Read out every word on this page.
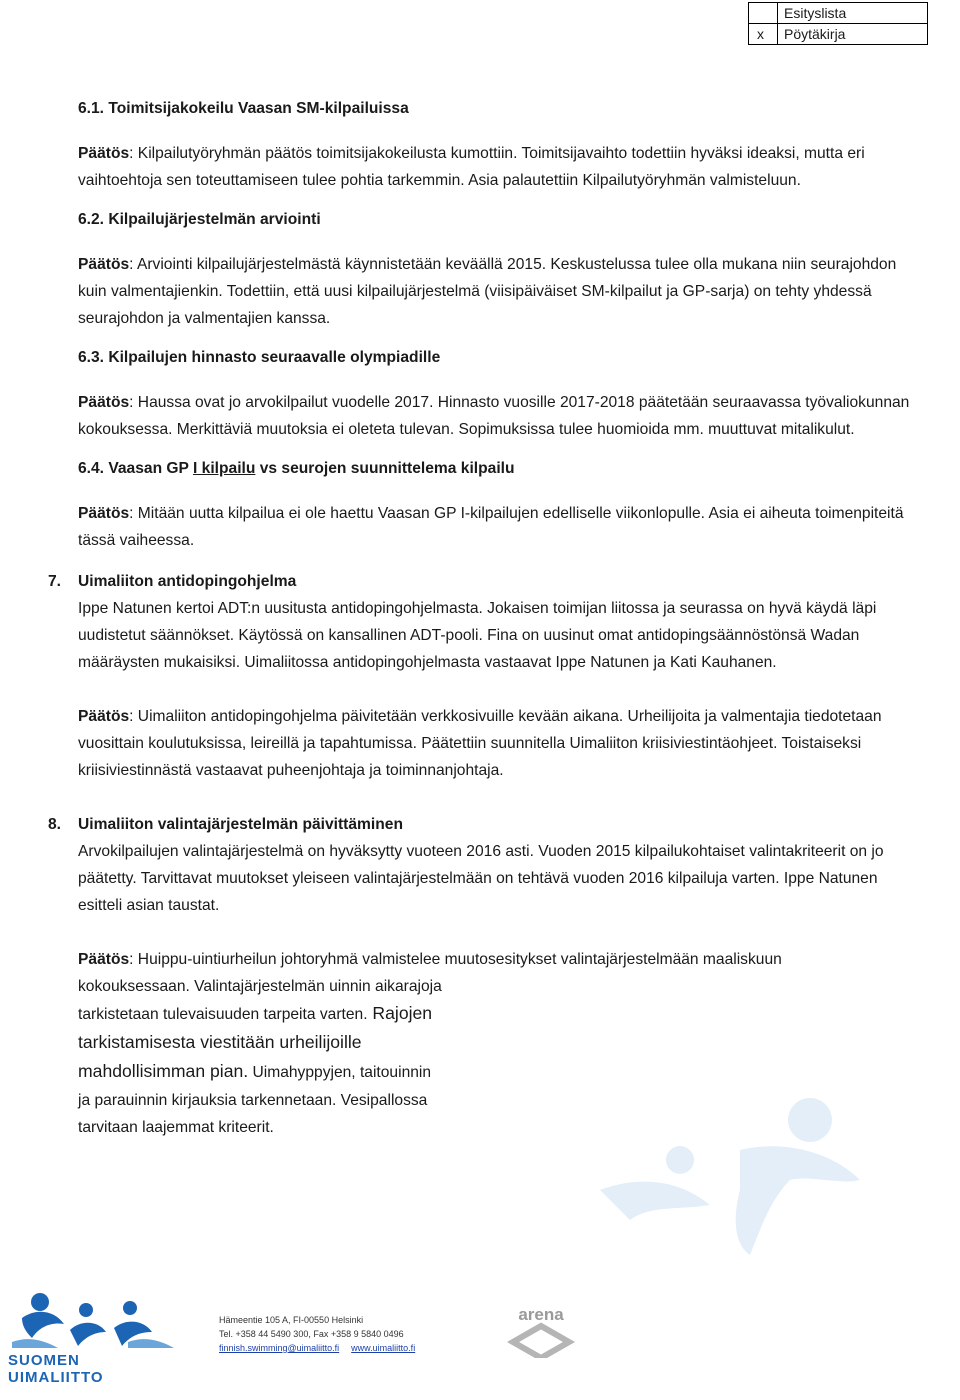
	Esityslista
x	Pöytäkirja

6.1. Toimitsijakokeilu Vaasan SM-kilpailuissa

Päätös: Kilpailutyöryhmän päätös toimitsijakokeilusta kumottiin. Toimitsijavaihto todettiin hyväksi ideaksi, mutta eri vaihtoehtoja sen toteuttamiseen tulee pohtia tarkemmin. Asia palautettiin Kilpailutyöryhmän valmisteluun.

6.2. Kilpailujärjestelmän arviointi

Päätös: Arviointi kilpailujärjestelmästä käynnistetään keväällä 2015. Keskustelussa tulee olla mukana niin seurajohdon kuin valmentajienkin. Todettiin, että uusi kilpailujärjestelmä (viisipäiväiset SM-kilpailut ja GP-sarja) on tehty yhdessä seurajohdon ja valmentajien kanssa.

6.3. Kilpailujen hinnasto seuraavalle olympiadille

Päätös: Haussa ovat jo arvokilpailut vuodelle 2017. Hinnasto vuosille 2017-2018 päätetään seuraavassa työvaliokunnan kokouksessa. Merkittäviä muutoksia ei oleteta tulevan. Sopimuksissa tulee huomioida mm. muuttuvat mitalikulut.

6.4. Vaasan GP I kilpailu vs seurojen suunnittelema kilpailu

Päätös: Mitään uutta kilpailua ei ole haettu Vaasan GP I-kilpailujen edelliselle viikonlopulle. Asia ei aiheuta toimenpiteitä tässä vaiheessa.

7. Uimaliiton antidopingohjelma

Ippe Natunen kertoi ADT:n uusitusta antidopingohjelmasta. Jokaisen toimijan liitossa ja seurassa on hyvä käydä läpi uudistetut säännökset. Käytössä on kansallinen ADT-pooli. Fina on uusinut omat antidopingsäännöstönsä Wadan määräysten mukaisiksi. Uimaliitossa antidopingohjelmasta vastaavat Ippe Natunen ja Kati Kauhanen.

Päätös: Uimaliiton antidopingohjelma päivitetään verkkosivuille kevään aikana. Urheilijoita ja valmentajia tiedotetaan vuosittain koulutuksissa, leireillä ja tapahtumissa. Päätettiin suunnitella Uimaliiton kriisiviestintäohjeet. Toistaiseksi kriisiviestinnästä vastaavat puheenjohtaja ja toiminnanjohtaja.

8. Uimaliiton valintajärjestelmän päivittäminen

Arvokilpailujen valintajärjestelmä on hyväksytty vuoteen 2016 asti. Vuoden 2015 kilpailukohtaiset valintakriteerit on jo päätetty. Tarvittavat muutokset yleiseen valintajärjestelmään on tehtävä vuoden 2016 kilpailuja varten. Ippe Natunen esitteli asian taustat.

Päätös: Huippu-uintiurheilun johtoryhmä valmistelee muutosesitykset valintajärjestelmään maaliskuun

kokouksessaan. Valintajärjestelmän uinnin aikarajoja

tarkistetaan tulevaisuuden tarpeita varten. Rajojen

tarkistamisesta viestitään urheilijoille

mahdollisimman pian. Uimahyppyjen, taitouinnin

ja parauinnin kirjauksia tarkennetaan. Vesipallossa

tarvitaan laajemmat kriteerit.

SUOMEN UIMALIITTO
Hämeentie 105 A, FI-00550 Helsinki
Tel. +358 44 5490 300, Fax +358 9 5840 0496
finnish.swimming@uimaliitto.fi www.uimaliitto.fi
arena
